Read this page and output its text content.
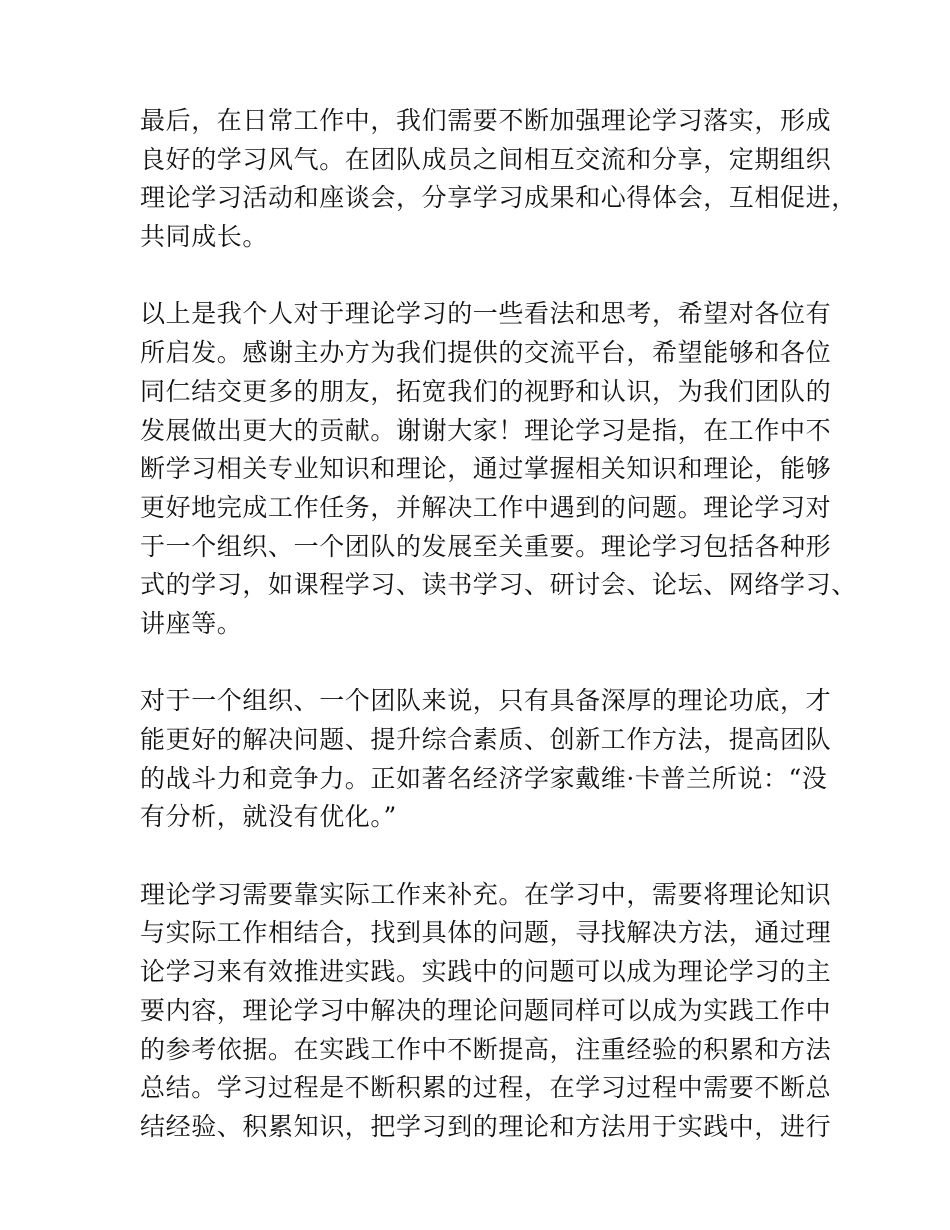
最后，在日常工作中，我们需要不断加强理论学习落实，形成
良好的学习风气。在团队成员之间相互交流和分享，定期组织
理论学习活动和座谈会，分享学习成果和心得体会，互相促进，
共同成长。
以上是我个人对于理论学习的一些看法和思考，希望对各位有
所启发。感谢主办方为我们提供的交流平台，希望能够和各位
同仁结交更多的朋友，拓宽我们的视野和认识，为我们团队的
发展做出更大的贡献。谢谢大家！理论学习是指，在工作中不
断学习相关专业知识和理论，通过掌握相关知识和理论，能够
更好地完成工作任务，并解决工作中遇到的问题。理论学习对
于一个组织、一个团队的发展至关重要。理论学习包括各种形
式的学习，如课程学习、读书学习、研讨会、论坛、网络学习、
讲座等。
对于一个组织、一个团队来说，只有具备深厚的理论功底，才
能更好的解决问题、提升综合素质、创新工作方法，提高团队
的战斗力和竞争力。正如著名经济学家戴维·卡普兰所说：“没
有分析，就没有优化。”
理论学习需要靠实际工作来补充。在学习中，需要将理论知识
与实际工作相结合，找到具体的问题，寻找解决方法，通过理
论学习来有效推进实践。实践中的问题可以成为理论学习的主
要内容，理论学习中解决的理论问题同样可以成为实践工作中
的参考依据。在实践工作中不断提高，注重经验的积累和方法
总结。学习过程是不断积累的过程，在学习过程中需要不断总
结经验、积累知识，把学习到的理论和方法用于实践中，进行
